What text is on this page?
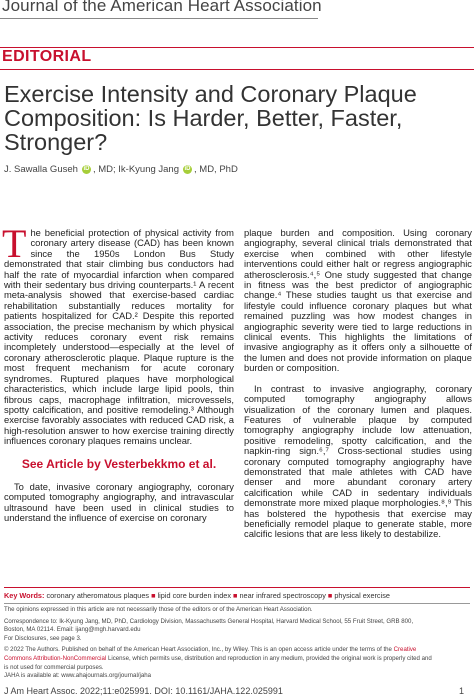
Journal of the American Heart Association
EDITORIAL
Exercise Intensity and Coronary Plaque
Composition: Is Harder, Better, Faster,
Stronger?
J. Sawalla Guseh iD , MD; Ik-Kyung Jang iD , MD, PhD

The beneficial protection of physical activity from coronary artery disease (CAD) has been known since the 1950s London Bus Study demonstrated that stair climbing bus conductors had half the rate of myocardial infarction when compared with their sedentary bus driving counterparts.¹ A recent meta-analysis showed that exercise-based cardiac rehabilitation substantially reduces mortality for patients hospitalized for CAD.² Despite this reported association, the precise mechanism by which physical activity reduces coronary event risk remains incompletely understood—especially at the level of coronary atherosclerotic plaque. Plaque rupture is the most frequent mechanism for acute coronary syndromes. Ruptured plaques have morphological characteristics, which include large lipid pools, thin fibrous caps, macrophage infiltration, microvessels, spotty calcification, and positive remodeling.³ Although exercise favorably associates with reduced CAD risk, a high-resolution answer to how exercise training directly influences coronary plaques remains unclear.

See Article by Vesterbekkmo et al.

To date, invasive coronary angiography, coronary computed tomography angiography, and intravascular ultrasound have been used in clinical studies to understand the influence of exercise on coronary

plaque burden and composition. Using coronary angiography, several clinical trials demonstrated that exercise when combined with other lifestyle interventions could either halt or regress angiographic atherosclerosis.⁴,⁵ One study suggested that change in fitness was the best predictor of angiographic change.⁴ These studies taught us that exercise and lifestyle could influence coronary plaques but what remained puzzling was how modest changes in angiographic severity were tied to large reductions in clinical events. This highlights the limitations of invasive angiography as it offers only a silhouette of the lumen and does not provide information on plaque burden or composition.

In contrast to invasive angiography, coronary computed tomography angiography allows visualization of the coronary lumen and plaques. Features of vulnerable plaque by computed tomography angiography include low attenuation, positive remodeling, spotty calcification, and the napkin-ring sign.⁶,⁷ Cross-sectional studies using coronary computed tomography angiography have demonstrated that male athletes with CAD have denser and more abundant coronary artery calcification while CAD in sedentary individuals demonstrate more mixed plaque morphologies.⁸,⁹ This has bolstered the hypothesis that exercise may beneficially remodel plaque to generate stable, more calcific lesions that are less likely to destabilize.

Key Words: coronary atheromatous plaques ■ lipid core burden index ■ near infrared spectroscopy ■ physical exercise
The opinions expressed in this article are not necessarily those of the editors or of the American Heart Association.
Correspondence to: Ik-Kyung Jang, MD, PhD, Cardiology Division, Massachusetts General Hospital, Harvard Medical School, 55 Fruit Street, GRB 800,
Boston, MA 02114. Email: ijang@mgh.harvard.edu
For Disclosures, see page 3.
© 2022 The Authors. Published on behalf of the American Heart Association, Inc., by Wiley. This is an open access article under the terms of the Creative
Commons Attribution-NonCommercial License, which permits use, distribution and reproduction in any medium, provided the original work is properly cited and
is not used for commercial purposes.
JAHA is available at: www.ahajournals.org/journal/jaha
J Am Heart Assoc. 2022;11:e025991. DOI: 10.1161/JAHA.122.025991	1
